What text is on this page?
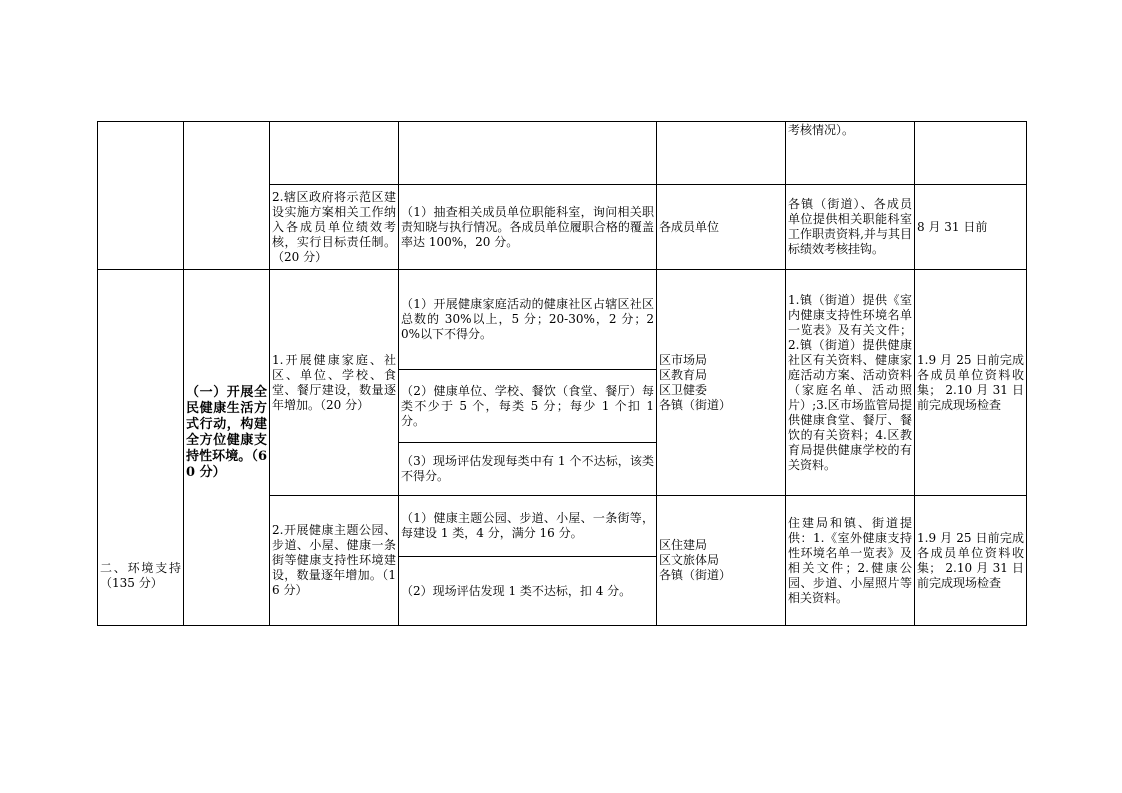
					考核情况）。	
		2.辖区政府将示范区建设实施方案相关工作纳入各成员单位绩效考核，实行目标责任制。（20 分）	（1）抽查相关成员单位职能科室，询问相关职责知晓与执行情况。各成员单位履职合格的覆盖率达 100%，20 分。	各成员单位	各镇（街道）、各成员单位提供相关职能科室工作职责资料,并与其目标绩效考核挂钩。	8 月 31 日前
二、环境支持（135 分）	（一）开展全民健康生活方式行动，构建全方位健康支持性环境。（60 分）	1.开展健康家庭、社区、单位、学校、食堂、餐厅建设，数量逐年增加。（20 分）	（1）开展健康家庭活动的健康社区占辖区社区总数的 30%以上，5 分；20-30%，2 分；20%以下不得分。	区市场局
区教育局
区卫健委
各镇（街道）	1.镇（街道）提供《室内健康支持性环境名单一览表》及有关文件；2.镇（街道）提供健康社区有关资料、健康家庭活动方案、活动资料（家庭名单、活动照片）;3.区市场监管局提供健康食堂、餐厅、餐饮的有关资料；4.区教育局提供健康学校的有关资料。	1.9 月 25 日前完成各成员单位资料收集； 2.10 月 31 日前完成现场检查
			（2）健康单位、学校、餐饮（食堂、餐厅）每类不少于 5 个，每类 5 分；每少 1 个扣 1 分。			
			（3）现场评估发现每类中有 1 个不达标，该类不得分。			
		2.开展健康主题公园、步道、小屋、健康一条街等健康支持性环境建设，数量逐年增加。（16 分）	（1）健康主题公园、步道、小屋、一条街等，每建设 1 类，4 分，满分 16 分。	区住建局
区文旅体局
各镇（街道）	住建局和镇、街道提供：1.《室外健康支持性环境名单一览表》及相关文件；2.健康公园、步道、小屋照片等相关资料。	1.9 月 25 日前完成各成员单位资料收集； 2.10 月 31 日前完成现场检查
			（2）现场评估发现 1 类不达标，扣 4 分。			
